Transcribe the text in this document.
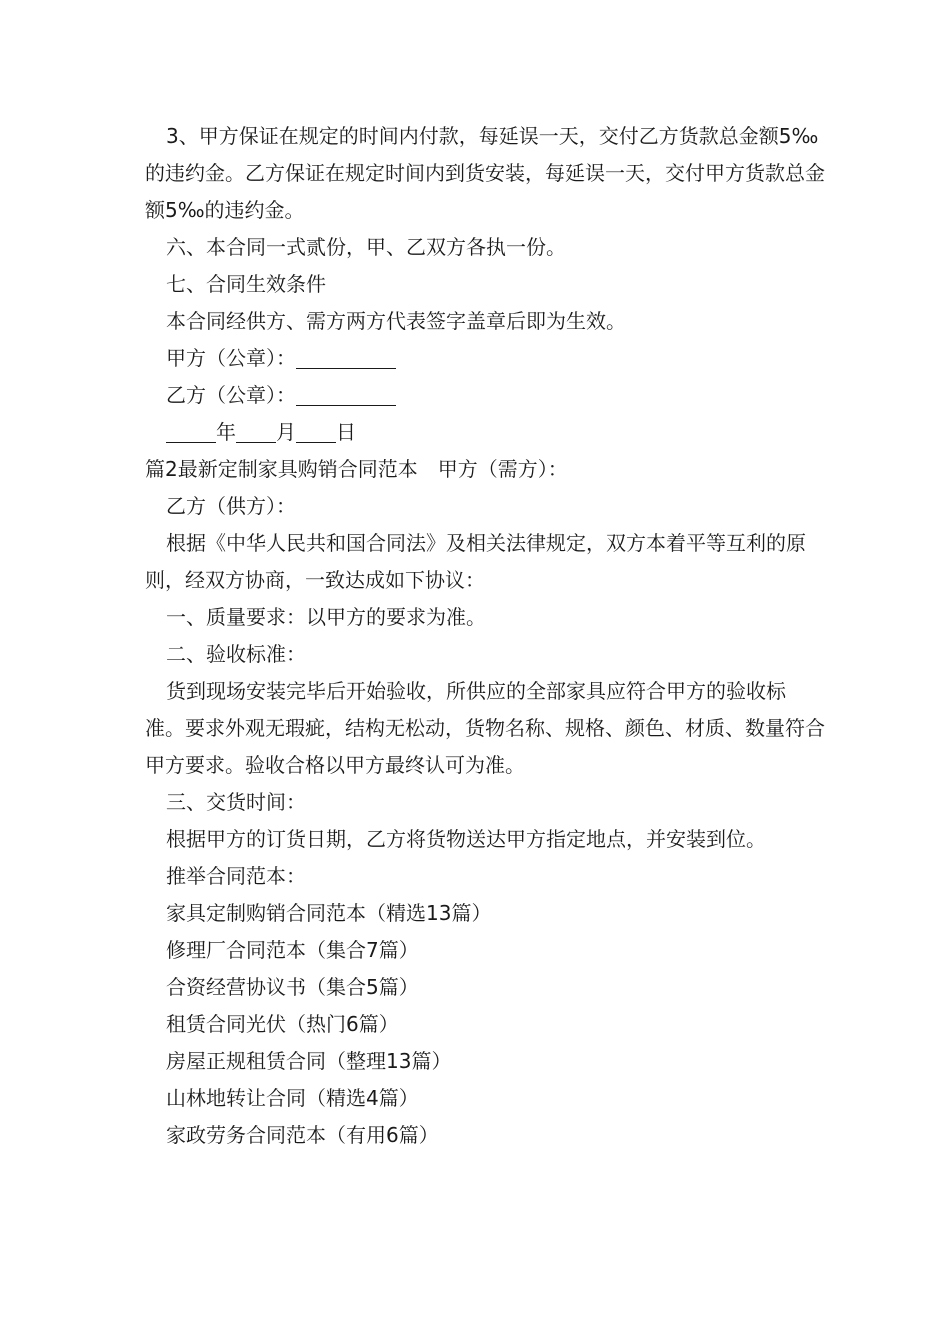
3、甲方保证在规定的时间内付款，每延误一天，交付乙方货款总金额5‰的违约金。乙方保证在规定时间内到货安装，每延误一天，交付甲方货款总金额5‰的违约金。

六、本合同一式贰份，甲、乙双方各执一份。

七、合同生效条件

本合同经供方、需方两方代表签字盖章后即为生效。

甲方（公章）：

乙方（公章）：

年 月 日

篇2最新定制家具购销合同范本　甲方（需方）：

乙方（供方）：

根据《中华人民共和国合同法》及相关法律规定，双方本着平等互利的原则，经双方协商，一致达成如下协议：

一、质量要求：以甲方的要求为准。

二、验收标准：

货到现场安装完毕后开始验收，所供应的全部家具应符合甲方的验收标准。要求外观无瑕疵，结构无松动，货物名称、规格、颜色、材质、数量符合甲方要求。验收合格以甲方最终认可为准。

三、交货时间：

根据甲方的订货日期，乙方将货物送达甲方指定地点，并安装到位。

推举合同范本：

家具定制购销合同范本（精选13篇）

修理厂合同范本（集合7篇）

合资经营协议书（集合5篇）

租赁合同光伏（热门6篇）

房屋正规租赁合同（整理13篇）

山林地转让合同（精选4篇）

家政劳务合同范本（有用6篇）
